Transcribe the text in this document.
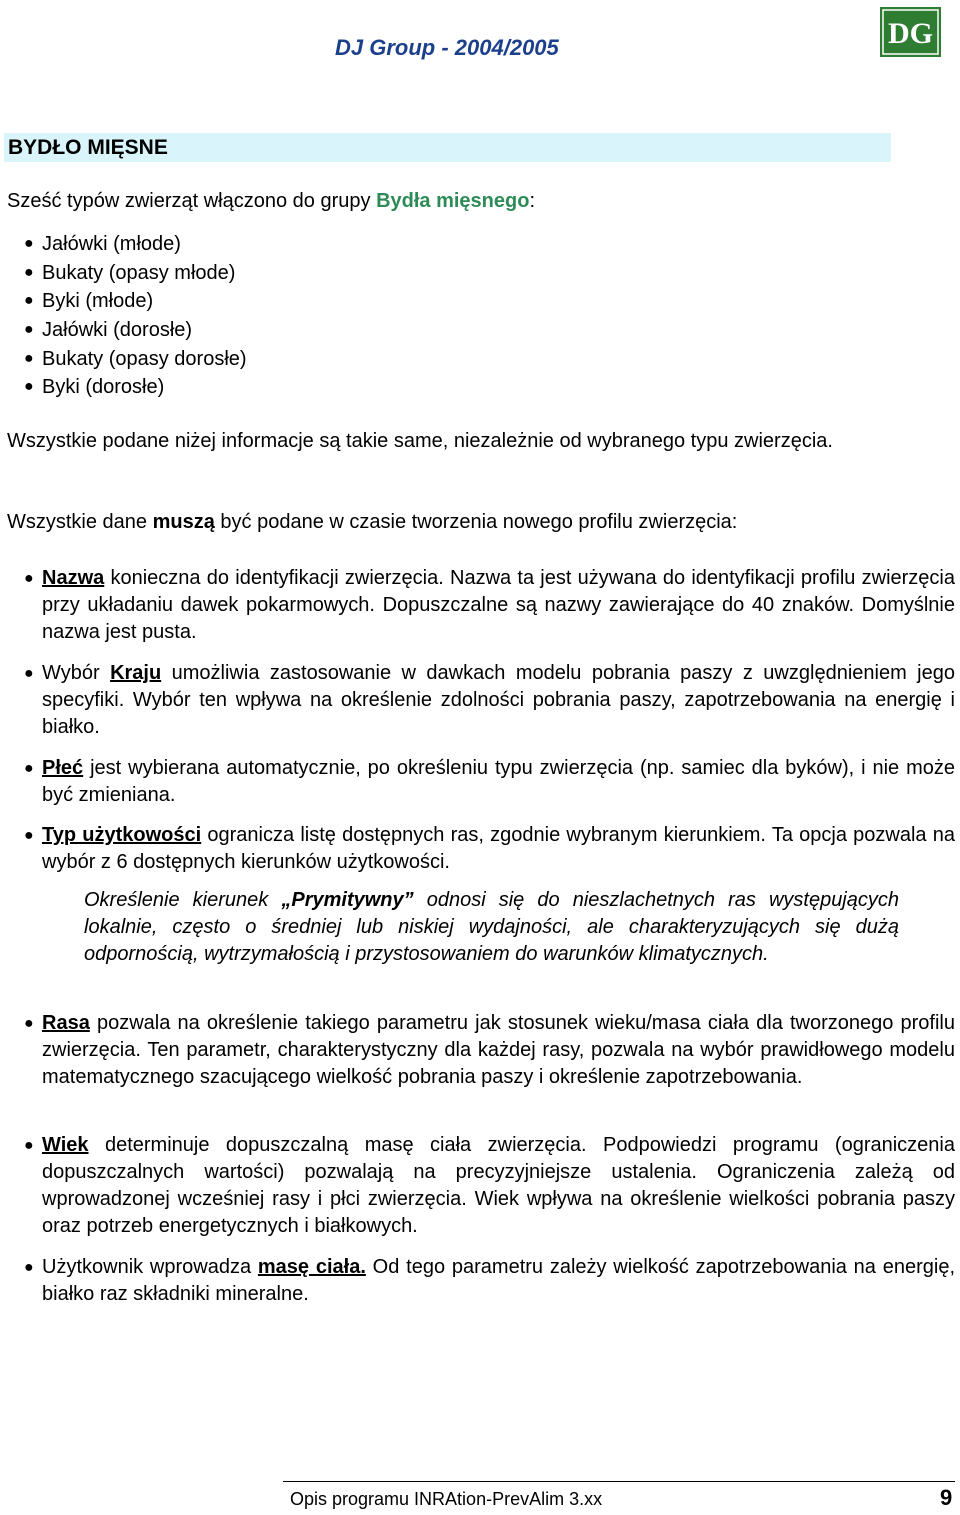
DJ Group - 2004/2005	DG
BYDŁO MIĘSNE

Sześć typów zwierząt włączono do grupy Bydła mięsnego:

● Jałówki (młode)
● Bukaty (opasy młode)
● Byki (młode)
● Jałówki (dorosłe)
● Bukaty (opasy dorosłe)
● Byki (dorosłe)

Wszystkie podane niżej informacje są takie same, niezależnie od wybranego typu zwierzęcia.

Wszystkie dane muszą być podane w czasie tworzenia nowego profilu zwierzęcia:

● Nazwa konieczna do identyfikacji zwierzęcia. Nazwa ta jest używana do identyfikacji profilu zwierzęcia przy układaniu dawek pokarmowych. Dopuszczalne są nazwy zawierające do 40 znaków. Domyślnie nazwa jest pusta.
● Wybór Kraju umożliwia zastosowanie w dawkach modelu pobrania paszy z uwzględnieniem jego specyfiki. Wybór ten wpływa na określenie zdolności pobrania paszy, zapotrzebowania na energię i białko.
● Płeć jest wybierana automatycznie, po określeniu typu zwierzęcia (np. samiec dla byków), i nie może być zmieniana.
● Typ użytkowości ogranicza listę dostępnych ras, zgodnie wybranym kierunkiem. Ta opcja pozwala na wybór z 6 dostępnych kierunków użytkowości.
Określenie kierunek „Prymitywny” odnosi się do nieszlachetnych ras występujących lokalnie, często o średniej lub niskiej wydajności, ale charakteryzujących się dużą odpornością, wytrzymałością i przystosowaniem do warunków klimatycznych.
● Rasa pozwala na określenie takiego parametru jak stosunek wieku/masa ciała dla tworzonego profilu zwierzęcia. Ten parametr, charakterystyczny dla każdej rasy, pozwala na wybór prawidłowego modelu matematycznego szacującego wielkość pobrania paszy i określenie zapotrzebowania.
● Wiek determinuje dopuszczalną masę ciała zwierzęcia. Podpowiedzi programu (ograniczenia dopuszczalnych wartości) pozwalają na precyzyjniejsze ustalenia. Ograniczenia zależą od wprowadzonej wcześniej rasy i płci zwierzęcia. Wiek wpływa na określenie wielkości pobrania paszy oraz potrzeb energetycznych i białkowych.
● Użytkownik wprowadza masę ciała. Od tego parametru zależy wielkość zapotrzebowania na energię, białko raz składniki mineralne.
Opis programu INRAtion-PrevAlim 3.xx	9
